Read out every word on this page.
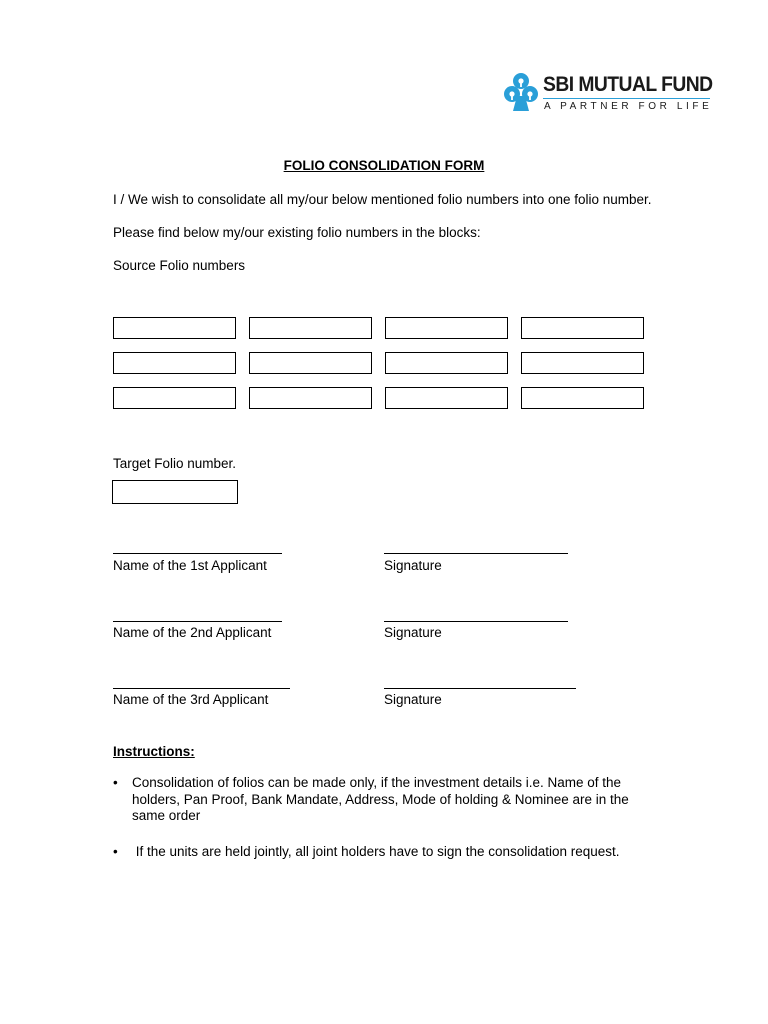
SBI MUTUAL FUND
A PARTNER FOR LIFE
FOLIO CONSOLIDATION FORM
I / We wish to consolidate all my/our below mentioned folio numbers into one folio number.
Please find below my/our existing folio numbers in the blocks:
Source Folio numbers
Target Folio number.
Name of the 1st Applicant	Signature
Name of the 2nd Applicant	Signature
Name of the 3rd Applicant	Signature
Instructions:
• Consolidation of folios can be made only, if the investment details i.e. Name of the
holders, Pan Proof, Bank Mandate, Address, Mode of holding & Nominee are in the
same order
• If the units are held jointly, all joint holders have to sign the consolidation request.
